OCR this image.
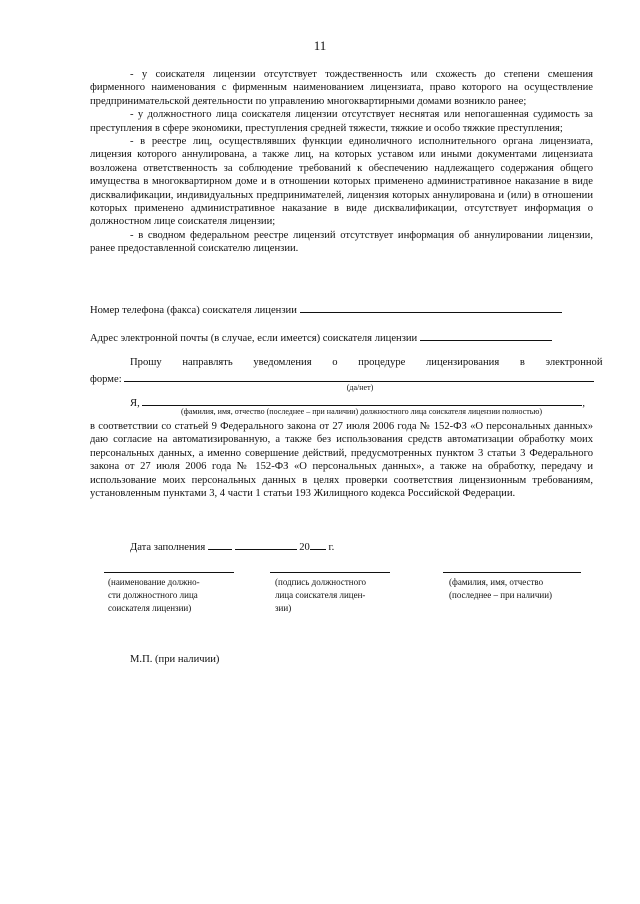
11

- у соискателя лицензии отсутствует тождественность или схожесть до степени смешения фирменного наименования с фирменным наименованием лицензиата, право которого на осуществление предпринимательской деятельности по управлению многоквартирными домами возникло ранее;

- у должностного лица соискателя лицензии отсутствует неснятая или непогашенная судимость за преступления в сфере экономики, преступления средней тяжести, тяжкие и особо тяжкие преступления;

- в реестре лиц, осуществлявших функции единоличного исполнительного органа лицензиата, лицензия которого аннулирована, а также лиц, на которых уставом или иными документами лицензиата возложена ответственность за соблюдение требований к обеспечению надлежащего содержания общего имущества в многоквартирном доме и в отношении которых применено административное наказание в виде дисквалификации, индивидуальных предпринимателей, лицензия которых аннулирована и (или) в отношении которых применено административное наказание в виде дисквалификации, отсутствует информация о должностном лице соискателя лицензии;

- в сводном федеральном реестре лицензий отсутствует информация об аннулировании лицензии, ранее предоставленной соискателю лицензии.

Номер телефона (факса) соискателя лицензии
Адрес электронной почты (в случае, если имеется) соискателя лицензии
Прошу направлять уведомления о процедуре лицензирования в электронной
форме:
(да/нет)
Я,	,
(фамилия, имя, отчество (последнее – при наличии) должностного лица соискателя лицензии полностью)
в соответствии со статьей 9 Федерального закона от 27 июля 2006 года № 152-ФЗ «О персональных данных» даю согласие на автоматизированную, а также без использования средств автоматизации обработку моих персональных данных, а именно совершение действий, предусмотренных пунктом 3 статьи 3 Федерального закона от 27 июля 2006 года № 152-ФЗ «О персональных данных», а также на обработку, передачу и использование моих персональных данных в целях проверки соответствия лицензионным требованиям, установленным пунктами 3, 4 части 1 статьи 193 Жилищного кодекса Российской Федерации.
Дата заполнения	20 г.
(наименование должно-
сти должностного лица
соискателя лицензии)
(подпись должностного
лица соискателя лицен-
зии)
(фамилия, имя, отчество
(последнее – при наличии)
М.П. (при наличии)
